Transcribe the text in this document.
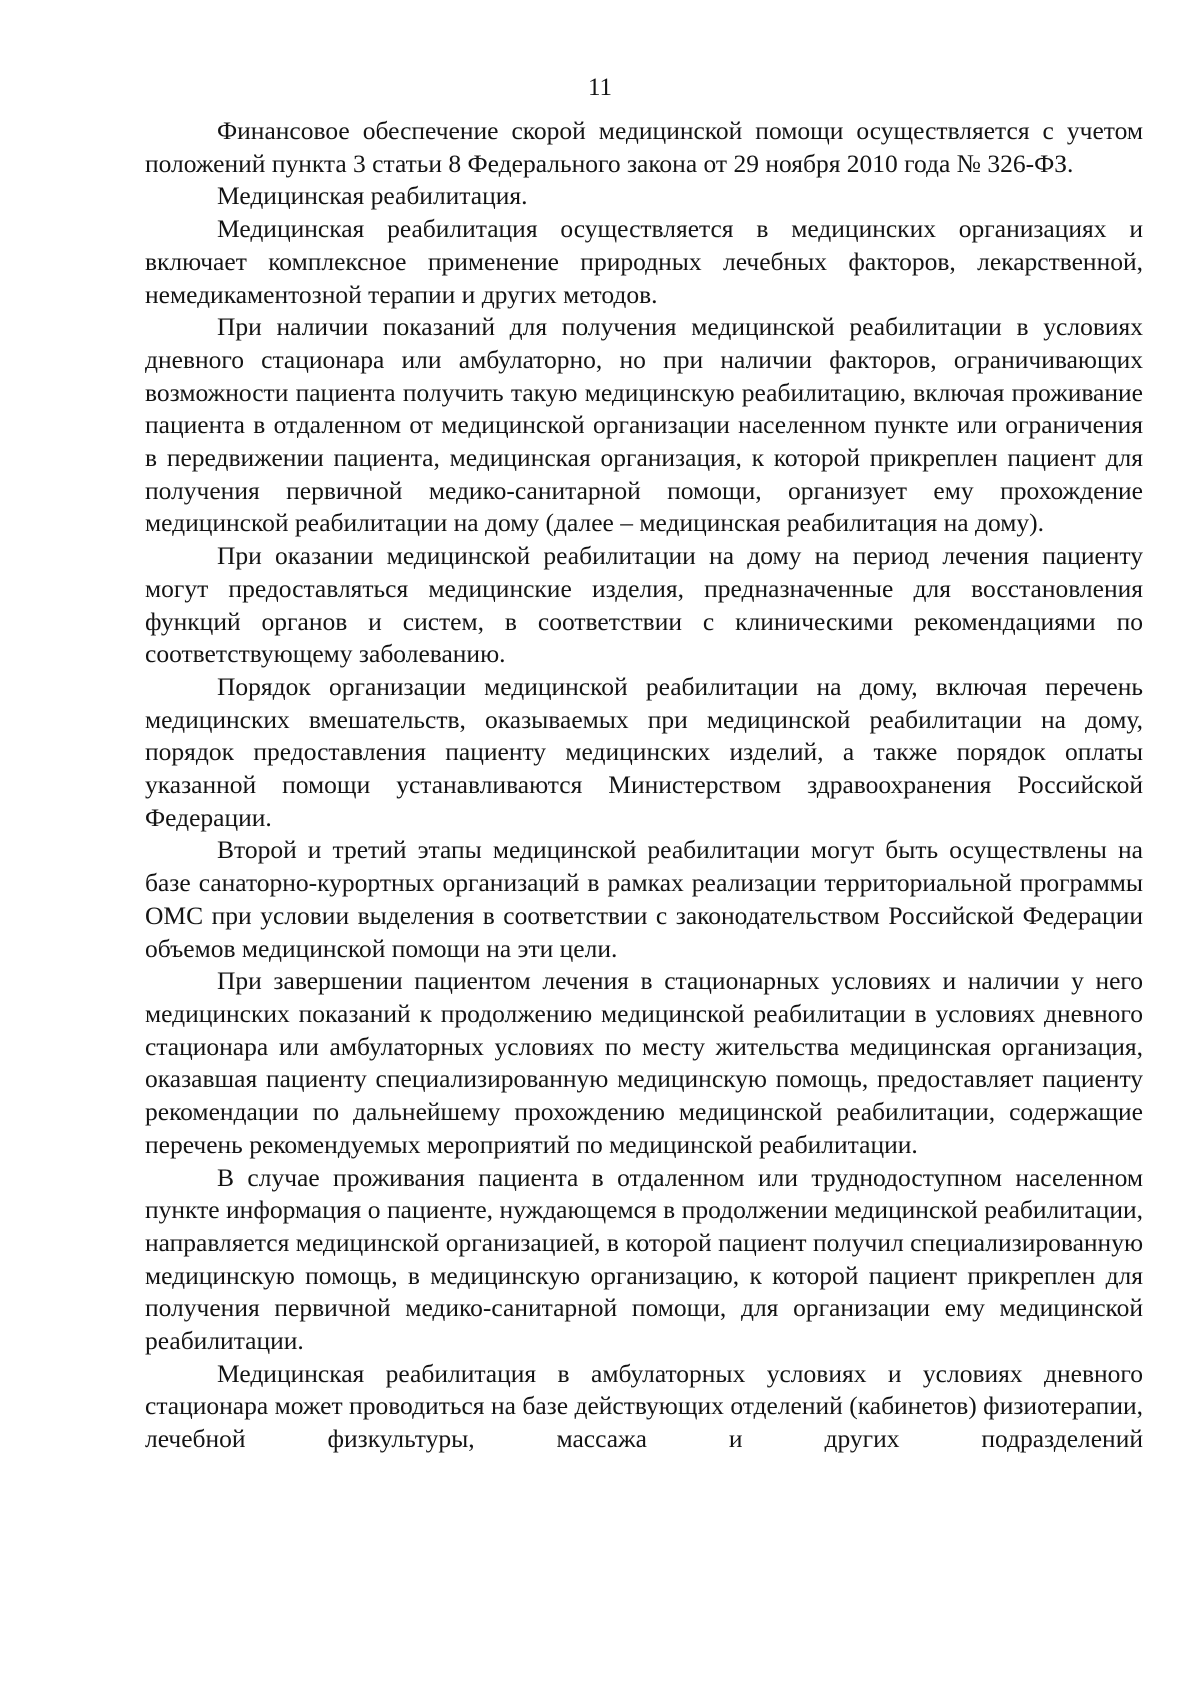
11

Финансовое обеспечение скорой медицинской помощи осуществляется с учетом положений пункта 3 статьи 8 Федерального закона от 29 ноября 2010 года № 326-ФЗ.

Медицинская реабилитация.

Медицинская реабилитация осуществляется в медицинских организациях и включает комплексное применение природных лечебных факторов, лекарственной, немедикаментозной терапии и других методов.

При наличии показаний для получения медицинской реабилитации в условиях дневного стационара или амбулаторно, но при наличии факторов, ограничивающих возможности пациента получить такую медицинскую реабилитацию, включая проживание пациента в отдаленном от медицинской организации населенном пункте или ограничения в передвижении пациента, медицинская организация, к которой прикреплен пациент для получения первичной медико-санитарной помощи, организует ему прохождение медицинской реабилитации на дому (далее – медицинская реабилитация на дому).

При оказании медицинской реабилитации на дому на период лечения пациенту могут предоставляться медицинские изделия, предназначенные для восстановления функций органов и систем, в соответствии с клиническими рекомендациями по соответствующему заболеванию.

Порядок организации медицинской реабилитации на дому, включая перечень медицинских вмешательств, оказываемых при медицинской реабилитации на дому, порядок предоставления пациенту медицинских изделий, а также порядок оплаты указанной помощи устанавливаются Министерством здравоохранения Российской Федерации.

Второй и третий этапы медицинской реабилитации могут быть осуществлены на базе санаторно-курортных организаций в рамках реализации территориальной программы ОМС при условии выделения в соответствии с законодательством Российской Федерации объемов медицинской помощи на эти цели.

При завершении пациентом лечения в стационарных условиях и наличии у него медицинских показаний к продолжению медицинской реабилитации в условиях дневного стационара или амбулаторных условиях по месту жительства медицинская организация, оказавшая пациенту специализированную медицинскую помощь, предоставляет пациенту рекомендации по дальнейшему прохождению медицинской реабилитации, содержащие перечень рекомендуемых мероприятий по медицинской реабилитации.

В случае проживания пациента в отдаленном или труднодоступном населенном пункте информация о пациенте, нуждающемся в продолжении медицинской реабилитации, направляется медицинской организацией, в которой пациент получил специализированную медицинскую помощь, в медицинскую организацию, к которой пациент прикреплен для получения первичной медико-санитарной помощи, для организации ему медицинской реабилитации.

Медицинская реабилитация в амбулаторных условиях и условиях дневного стационара может проводиться на базе действующих отделений (кабинетов) физиотерапии, лечебной физкультуры, массажа и других подразделений
